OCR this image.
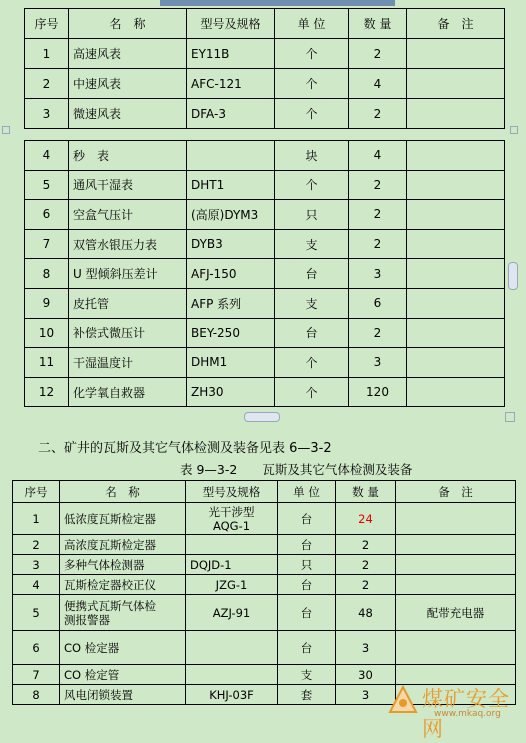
序号	名　称	型号及规格	单 位	数 量	备　注
1	高速风表	EY11B	个	2	
2	中速风表	AFC-121	个	4	
3	微速风表	DFA-3	个	2	
4	秒　表		块	4	
5	通风干湿表	DHT1	个	2	
6	空盒气压计	(高原)DYM3	只	2	
7	双管水银压力表	DYB3	支	2	
8	U 型倾斜压差计	AFJ-150	台	3	
9	皮托管	AFP 系列	支	6	
10	补偿式微压计	BEY-250	台	2	
11	干湿温度计	DHM1	个	3	
12	化学氧自救器	ZH30	个	120	
二、矿井的瓦斯及其它气体检测及装备见表 6—3-2
表 9—3-2　　瓦斯及其它气体检测及装备
序号	名　称	型号及规格	单 位	数 量	备　注
1	低浓度瓦斯检定器	光干涉型
AQG-1	台	24	
2	高浓度瓦斯检定器		台	2	
3	多种气体检测器	DQJD-1	只	2	
4	瓦斯检定器校正仪	JZG-1	台	2	
5	便携式瓦斯气体检
测报警器	AZJ-91	台	48	配带充电器
6	CO 检定器		台	3	
7	CO 检定管		支	30	
8	风电闭锁装置	KHJ-03F	套	3		煤矿安全网
www.mkaq.org
